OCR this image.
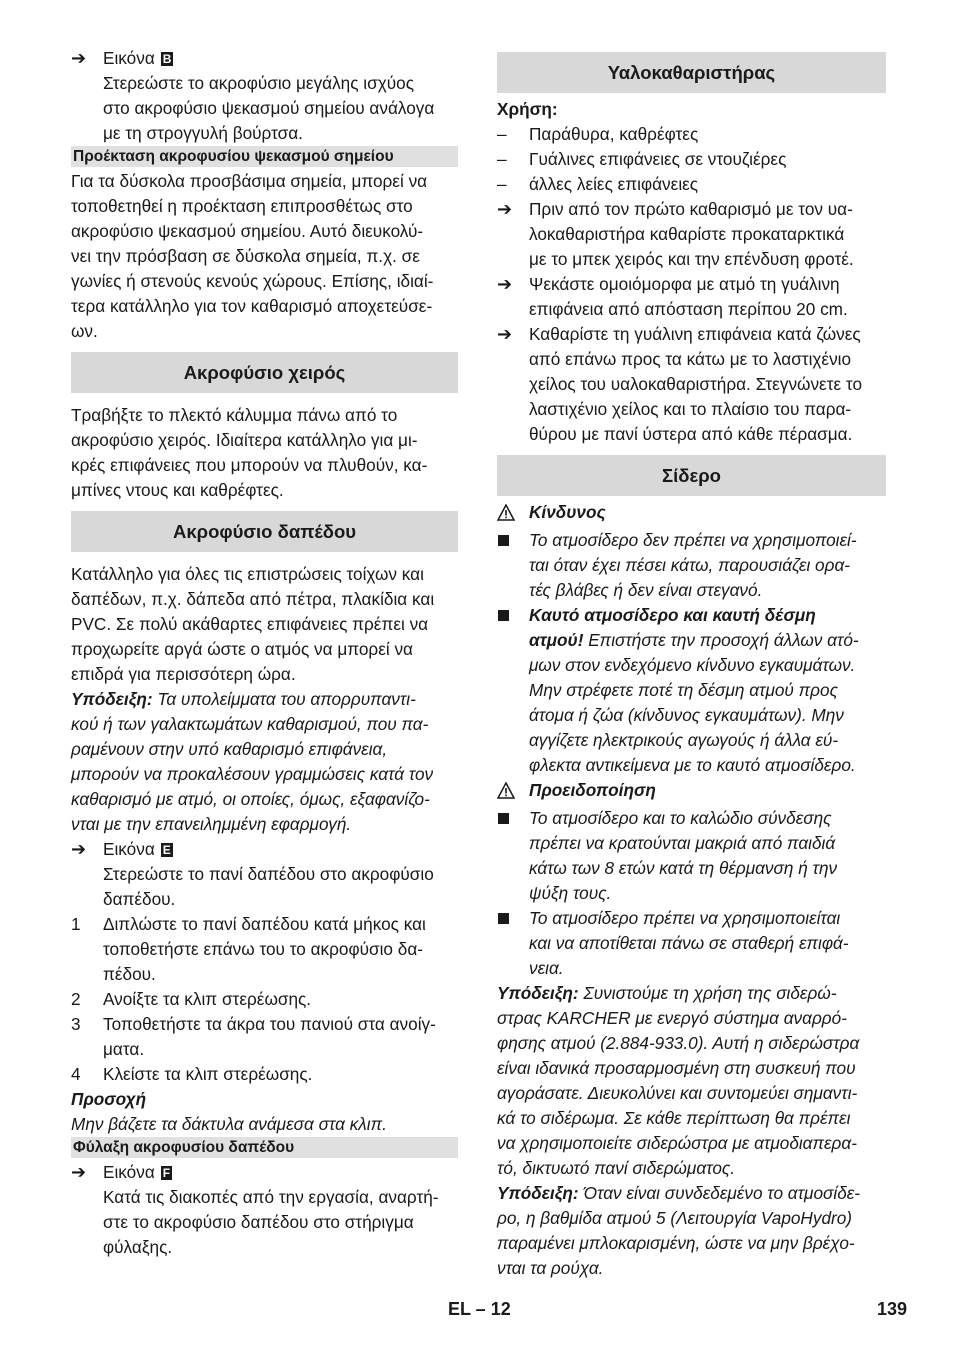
➔ Εικόνα B
Στερεώστε το ακροφύσιο μεγάλης ισχύος
στο ακροφύσιο ψεκασμού σημείου ανάλογα
με τη στρογγυλή βούρτσα.
Προέκταση ακροφυσίου ψεκασμού σημείου

Για τα δύσκολα προσβάσιμα σημεία, μπορεί να

τοποθετηθεί η προέκταση επιπροσθέτως στο

ακροφύσιο ψεκασμού σημείου. Αυτό διευκολύ-

νει την πρόσβαση σε δύσκολα σημεία, π.χ. σε

γωνίες ή στενούς κενούς χώρους. Επίσης, ιδιαί-

τερα κατάλληλο για τον καθαρισμό αποχετεύσε-

ων.

Ακροφύσιο χειρός

Τραβήξτε το πλεκτό κάλυμμα πάνω από το

ακροφύσιο χειρός. Ιδιαίτερα κατάλληλο για μι-

κρές επιφάνειες που μπορούν να πλυθούν, κα-

μπίνες ντους και καθρέφτες.

Ακροφύσιο δαπέδου

Κατάλληλο για όλες τις επιστρώσεις τοίχων και

δαπέδων, π.χ. δάπεδα από πέτρα, πλακίδια και

PVC. Σε πολύ ακάθαρτες επιφάνειες πρέπει να

προχωρείτε αργά ώστε ο ατμός να μπορεί να

επιδρά για περισσότερη ώρα.

Υπόδειξη: Τα υπολείμματα του απορρυπαντι-

κού ή των γαλακτωμάτων καθαρισμού, που πα-

ραμένουν στην υπό καθαρισμό επιφάνεια,

μπορούν να προκαλέσουν γραμμώσεις κατά τον

καθαρισμό με ατμό, οι οποίες, όμως, εξαφανίζο-

νται με την επανειλημμένη εφαρμογή.

➔ Εικόνα E
Στερεώστε το πανί δαπέδου στο ακροφύσιο
δαπέδου.
1	Διπλώστε το πανί δαπέδου κατά μήκος και
τοποθετήστε επάνω του το ακροφύσιο δα-
πέδου.
2	Ανοίξτε τα κλιπ στερέωσης.
3	Τοποθετήστε τα άκρα του πανιού στα ανοίγ-
ματα.
4	Κλείστε τα κλιπ στερέωσης.

Προσοχή

Μην βάζετε τα δάκτυλα ανάμεσα στα κλιπ.

Φύλαξη ακροφυσίου δαπέδου
➔ Εικόνα F
Κατά τις διακοπές από την εργασία, αναρτή-
στε το ακροφύσιο δαπέδου στο στήριγμα
φύλαξης.
Υαλοκαθαριστήρας

Χρήση:

–	Παράθυρα, καθρέφτες
–	Γυάλινες επιφάνειες σε ντουζιέρες
–	άλλες λείες επιφάνειες
➔ Πριν από τον πρώτο καθαρισμό με τον υα-
λοκαθαριστήρα καθαρίστε προκαταρκτικά
με το μπεκ χειρός και την επένδυση φροτέ.
➔ Ψεκάστε ομοιόμορφα με ατμό τη γυάλινη
επιφάνεια από απόσταση περίπου 20 cm.
➔ Καθαρίστε τη γυάλινη επιφάνεια κατά ζώνες
από επάνω προς τα κάτω με το λαστιχένιο
χείλος του υαλοκαθαριστήρα. Στεγνώνετε το
λαστιχένιο χείλος και το πλαίσιο του παρα-
θύρου με πανί ύστερα από κάθε πέρασμα.
Σίδερο
Κίνδυνος
Το ατμοσίδερο δεν πρέπει να χρησιμοποιεί-
ται όταν έχει πέσει κάτω, παρουσιάζει ορα-
τές βλάβες ή δεν είναι στεγανό.
Καυτό ατμοσίδερο και καυτή δέσμη
ατμού! Επιστήστε την προσοχή άλλων ατό-
μων στον ενδεχόμενο κίνδυνο εγκαυμάτων.
Μην στρέφετε ποτέ τη δέσμη ατμού προς
άτομα ή ζώα (κίνδυνος εγκαυμάτων). Μην
αγγίζετε ηλεκτρικούς αγωγούς ή άλλα εύ-
φλεκτα αντικείμενα με το καυτό ατμοσίδερο.
Προειδοποίηση
Το ατμοσίδερο και το καλώδιο σύνδεσης
πρέπει να κρατούνται μακριά από παιδιά
κάτω των 8 ετών κατά τη θέρμανση ή την
ψύξη τους.
Το ατμοσίδερο πρέπει να χρησιμοποιείται
και να αποτίθεται πάνω σε σταθερή επιφά-
νεια.

Υπόδειξη: Συνιστούμε τη χρήση της σιδερώ-

στρας KARCHER με ενεργό σύστημα αναρρό-

φησης ατμού (2.884-933.0). Αυτή η σιδερώστρα

είναι ιδανικά προσαρμοσμένη στη συσκευή που

αγοράσατε. Διευκολύνει και συντομεύει σημαντι-

κά το σιδέρωμα. Σε κάθε περίπτωση θα πρέπει

να χρησιμοποιείτε σιδερώστρα με ατμοδιαπερα-

τό, δικτυωτό πανί σιδερώματος.

Υπόδειξη: Όταν είναι συνδεδεμένο το ατμοσίδε-

ρο, η βαθμίδα ατμού 5 (Λειτουργία VapoHydro)

παραμένει μπλοκαρισμένη, ώστε να μην βρέχο-

νται τα ρούχα.

EL – 12	139
